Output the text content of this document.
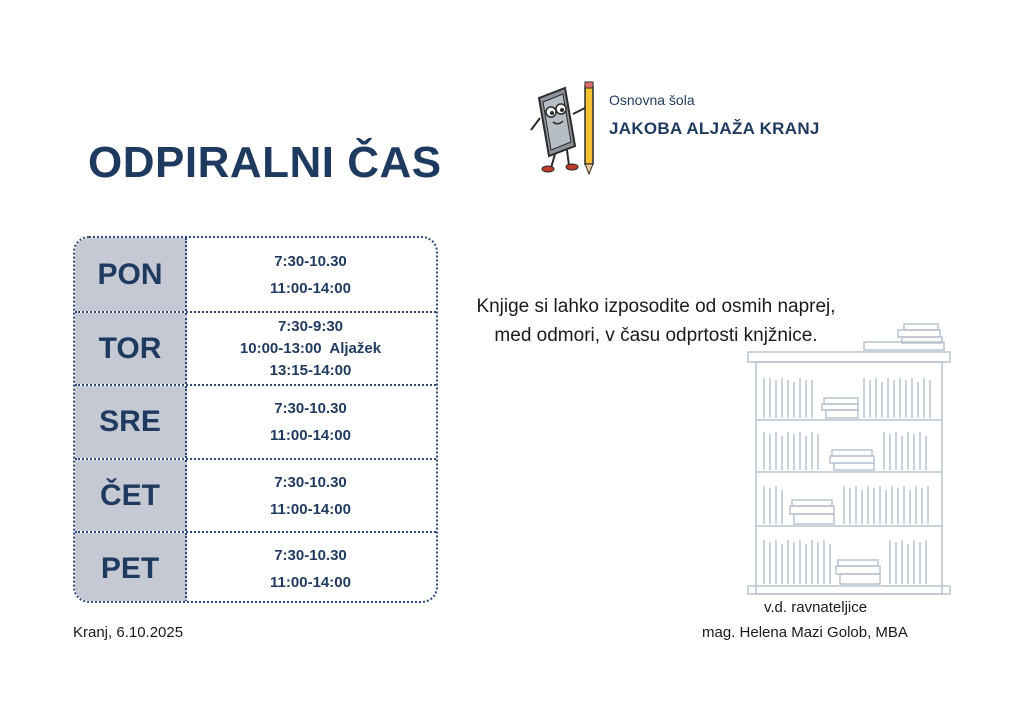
ODPIRALNI ČAS
Osnovna šola
JAKOBA ALJAŽA KRANJ
PON	7:30-10.30
11:00-14:00
TOR
7:30-9:30
10:00-13:00  Aljažek
13:15-14:00
SRE	7:30-10.30
11:00-14:00
ČET	7:30-10.30
11:00-14:00
PET	7:30-10.30
11:00-14:00
Knjige si lahko izposodite od osmih naprej,
med odmori, v času odprtosti knjžnice.
Kranj, 6.10.2025
v.d. ravnateljice
mag. Helena Mazi Golob, MBA
